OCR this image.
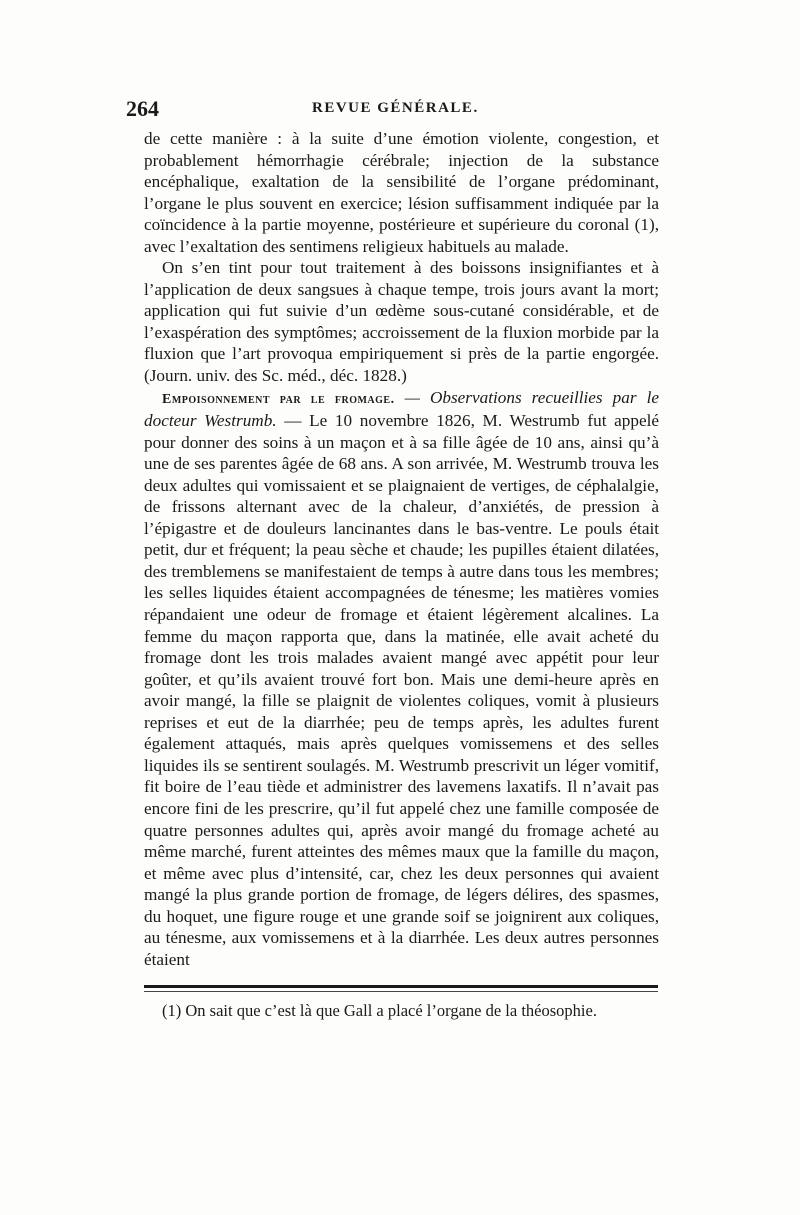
264	REVUE GÉNÉRALE.

de cette manière : à la suite d’une émotion violente, congestion, et probablement hémorrhagie cérébrale; injection de la substance encéphalique, exaltation de la sensibilité de l’organe prédominant, l’organe le plus souvent en exercice; lésion suffisamment indiquée par la coïncidence à la partie moyenne, postérieure et supérieure du coronal (1), avec l’exaltation des sentimens religieux habituels au malade.

On s’en tint pour tout traitement à des boissons insignifiantes et à l’application de deux sangsues à chaque tempe, trois jours avant la mort; application qui fut suivie d’un œdème sous-cutané considérable, et de l’exaspération des symptômes; accroissement de la fluxion morbide par la fluxion que l’art provoqua empiriquement si près de la partie engorgée. (Journ. univ. des Sc. méd., déc. 1828.)

Empoisonnement par le fromage. — Observations recueillies par le docteur Westrumb. — Le 10 novembre 1826, M. Westrumb fut appelé pour donner des soins à un maçon et à sa fille âgée de 10 ans, ainsi qu’à une de ses parentes âgée de 68 ans. A son arrivée, M. Westrumb trouva les deux adultes qui vomissaient et se plaignaient de vertiges, de céphalalgie, de frissons alternant avec de la chaleur, d’anxiétés, de pression à l’épigastre et de douleurs lancinantes dans le bas-ventre. Le pouls était petit, dur et fréquent; la peau sèche et chaude; les pupilles étaient dilatées, des tremblemens se manifestaient de temps à autre dans tous les membres; les selles liquides étaient accompagnées de ténesme; les matières vomies répandaient une odeur de fromage et étaient légèrement alcalines. La femme du maçon rapporta que, dans la matinée, elle avait acheté du fromage dont les trois malades avaient mangé avec appétit pour leur goûter, et qu’ils avaient trouvé fort bon. Mais une demi-heure après en avoir mangé, la fille se plaignit de violentes coliques, vomit à plusieurs reprises et eut de la diarrhée; peu de temps après, les adultes furent également attaqués, mais après quelques vomissemens et des selles liquides ils se sentirent soulagés. M. Westrumb prescrivit un léger vomitif, fit boire de l’eau tiède et administrer des lavemens laxatifs. Il n’avait pas encore fini de les prescrire, qu’il fut appelé chez une famille composée de quatre personnes adultes qui, après avoir mangé du fromage acheté au même marché, furent atteintes des mêmes maux que la famille du maçon, et même avec plus d’intensité, car, chez les deux personnes qui avaient mangé la plus grande portion de fromage, de légers délires, des spasmes, du hoquet, une figure rouge et une grande soif se joignirent aux coliques, au ténesme, aux vomissemens et à la diarrhée. Les deux autres personnes étaient

(1) On sait que c’est là que Gall a placé l’organe de la théosophie.
